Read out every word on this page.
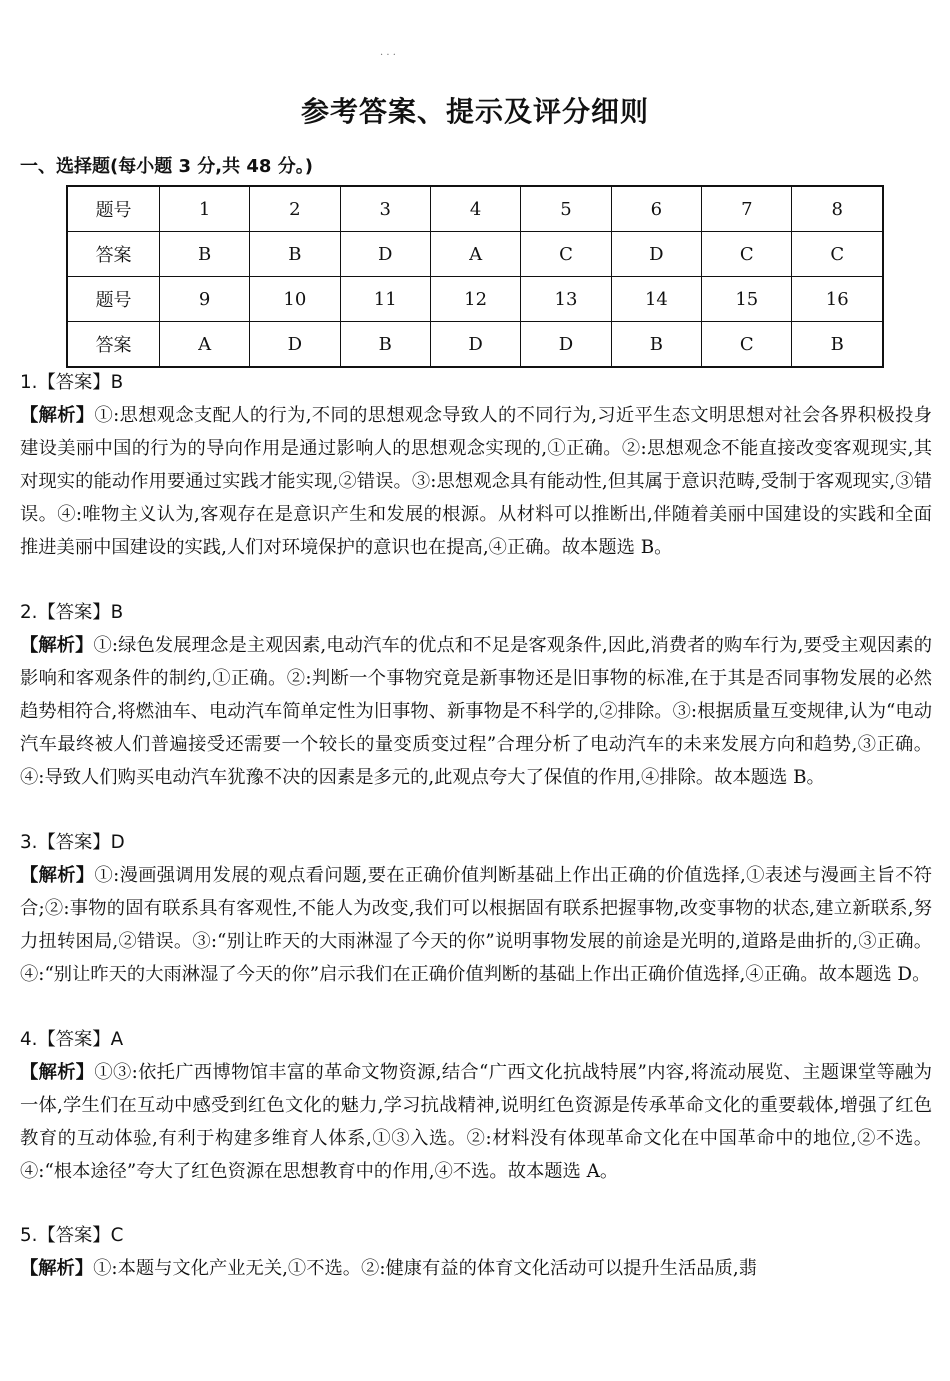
· · ·
参考答案、提示及评分细则
一、选择题(每小题 3 分,共 48 分。)
题号	1	2	3	4	5	6	7	8
答案	B	B	D	A	C	D	C	C
题号	9	10	11	12	13	14	15	16
答案	A	D	B	D	D	B	C	B
1.【答案】B
【解析】①:思想观念支配人的行为,不同的思想观念导致人的不同行为,习近平生态文明思想对社会各界积极投身建设美丽中国的行为的导向作用是通过影响人的思想观念实现的,①正确。②:思想观念不能直接改变客观现实,其对现实的能动作用要通过实践才能实现,②错误。③:思想观念具有能动性,但其属于意识范畴,受制于客观现实,③错误。④:唯物主义认为,客观存在是意识产生和发展的根源。从材料可以推断出,伴随着美丽中国建设的实践和全面推进美丽中国建设的实践,人们对环境保护的意识也在提高,④正确。故本题选 B。
2.【答案】B
【解析】①:绿色发展理念是主观因素,电动汽车的优点和不足是客观条件,因此,消费者的购车行为,要受主观因素的影响和客观条件的制约,①正确。②:判断一个事物究竟是新事物还是旧事物的标准,在于其是否同事物发展的必然趋势相符合,将燃油车、电动汽车简单定性为旧事物、新事物是不科学的,②排除。③:根据质量互变规律,认为“电动汽车最终被人们普遍接受还需要一个较长的量变质变过程”合理分析了电动汽车的未来发展方向和趋势,③正确。④:导致人们购买电动汽车犹豫不决的因素是多元的,此观点夸大了保值的作用,④排除。故本题选 B。
3.【答案】D
【解析】①:漫画强调用发展的观点看问题,要在正确价值判断基础上作出正确的价值选择,①表述与漫画主旨不符合;②:事物的固有联系具有客观性,不能人为改变,我们可以根据固有联系把握事物,改变事物的状态,建立新联系,努力扭转困局,②错误。③:“别让昨天的大雨淋湿了今天的你”说明事物发展的前途是光明的,道路是曲折的,③正确。④:“别让昨天的大雨淋湿了今天的你”启示我们在正确价值判断的基础上作出正确价值选择,④正确。故本题选 D。
4.【答案】A
【解析】①③:依托广西博物馆丰富的革命文物资源,结合“广西文化抗战特展”内容,将流动展览、主题课堂等融为一体,学生们在互动中感受到红色文化的魅力,学习抗战精神,说明红色资源是传承革命文化的重要载体,增强了红色教育的互动体验,有利于构建多维育人体系,①③入选。②:材料没有体现革命文化在中国革命中的地位,②不选。④:“根本途径”夸大了红色资源在思想教育中的作用,④不选。故本题选 A。
5.【答案】C
【解析】①:本题与文化产业无关,①不选。②:健康有益的体育文化活动可以提升生活品质,翡
